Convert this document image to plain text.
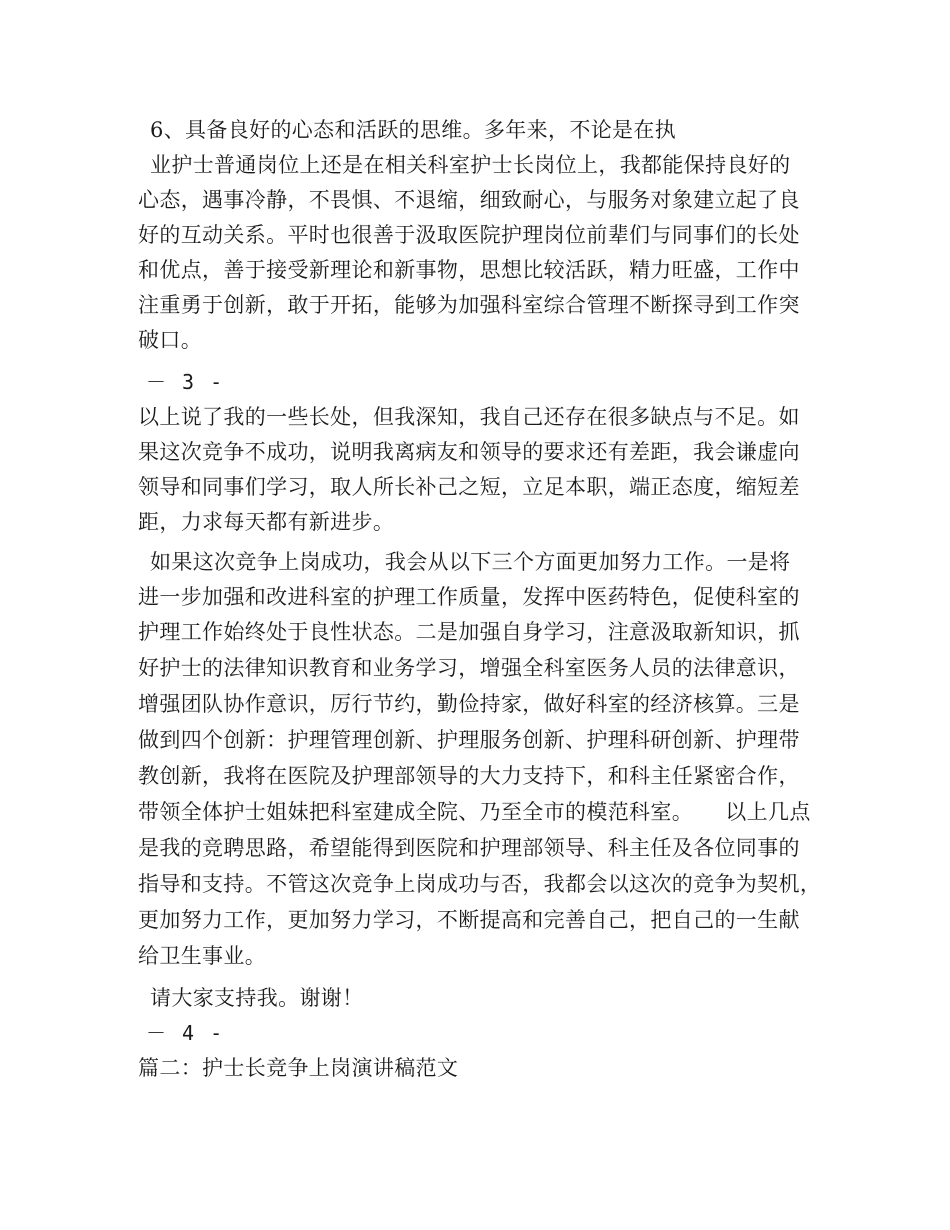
6、具备良好的心态和活跃的思维。多年来，不论是在执
业护士普通岗位上还是在相关科室护士长岗位上，我都能保持良好的
心态，遇事冷静，不畏惧、不退缩，细致耐心，与服务对象建立起了良
好的互动关系。平时也很善于汲取医院护理岗位前辈们与同事们的长处
和优点，善于接受新理论和新事物，思想比较活跃，精力旺盛，工作中
注重勇于创新，敢于开拓，能够为加强科室综合管理不断探寻到工作突
破口。
－ 3 -
以上说了我的一些长处，但我深知，我自己还存在很多缺点与不足。如
果这次竞争不成功，说明我离病友和领导的要求还有差距，我会谦虚向
领导和同事们学习，取人所长补己之短，立足本职，端正态度，缩短差
距，力求每天都有新进步。
如果这次竞争上岗成功，我会从以下三个方面更加努力工作。一是将
进一步加强和改进科室的护理工作质量，发挥中医药特色，促使科室的
护理工作始终处于良性状态。二是加强自身学习，注意汲取新知识，抓
好护士的法律知识教育和业务学习，增强全科室医务人员的法律意识，
增强团队协作意识，厉行节约，勤俭持家，做好科室的经济核算。三是
做到四个创新：护理管理创新、护理服务创新、护理科研创新、护理带
教创新，我将在医院及护理部领导的大力支持下，和科主任紧密合作，
带领全体护士姐妹把科室建成全院、乃至全市的模范科室。　　以上几点
是我的竞聘思路，希望能得到医院和护理部领导、科主任及各位同事的
指导和支持。不管这次竞争上岗成功与否，我都会以这次的竞争为契机，
更加努力工作，更加努力学习，不断提高和完善自己，把自己的一生献
给卫生事业。
请大家支持我。谢谢！
－ 4 -
篇二：护士长竞争上岗演讲稿范文
